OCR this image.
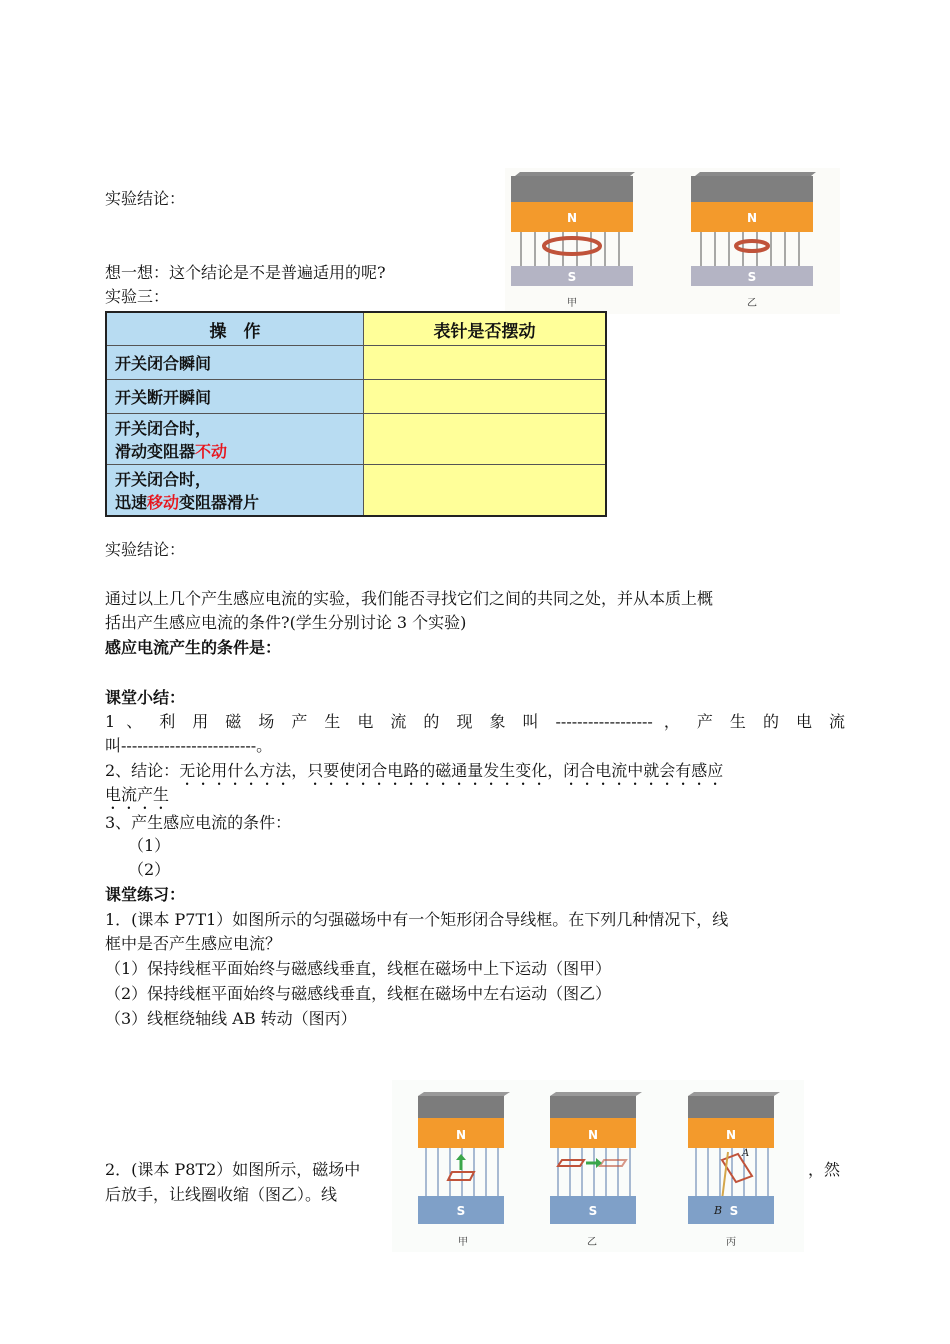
实验结论：
想一想：这个结论是不是普遍适用的呢?
实验三：
N
S
N
S
甲	乙
操　作	表针是否摆动
开关闭合瞬间	
开关断开瞬间	
开关闭合时，
滑动变阻器不动	
开关闭合时，
迅速移动变阻器滑片	
实验结论：
通过以上几个产生感应电流的实验，我们能否寻找它们之间的共同之处，并从本质上概
括出产生感应电流的条件?(学生分别讨论 3 个实验)
感应电流产生的条件是：
课堂小结：
1 、 利 用 磁 场 产 生 电 流 的 现 象 叫 ------------------ ， 产 生 的 电 流
叫-------------------------。
2、结论：无论用什么方法，只要使闭合电路的磁通量发生变化，闭合电流中就会有感应
电流产生
3、产生感应电流的条件：
（1）
（2）
课堂练习：
1．(课本 P7T1）如图所示的匀强磁场中有一个矩形闭合导线框。在下列几种情况下，线
框中是否产生感应电流？
（1）保持线框平面始终与磁感线垂直，线框在磁场中上下运动（图甲）
（2）保持线框平面始终与磁感线垂直，线框在磁场中左右运动（图乙）
（3）线框绕轴线 AB 转动（图丙）
2．(课本 P8T2）如图所示，磁场中	，然
后放手，让线圈收缩（图乙）。线
N
S
甲
N
S
乙
N
A
B S
丙
